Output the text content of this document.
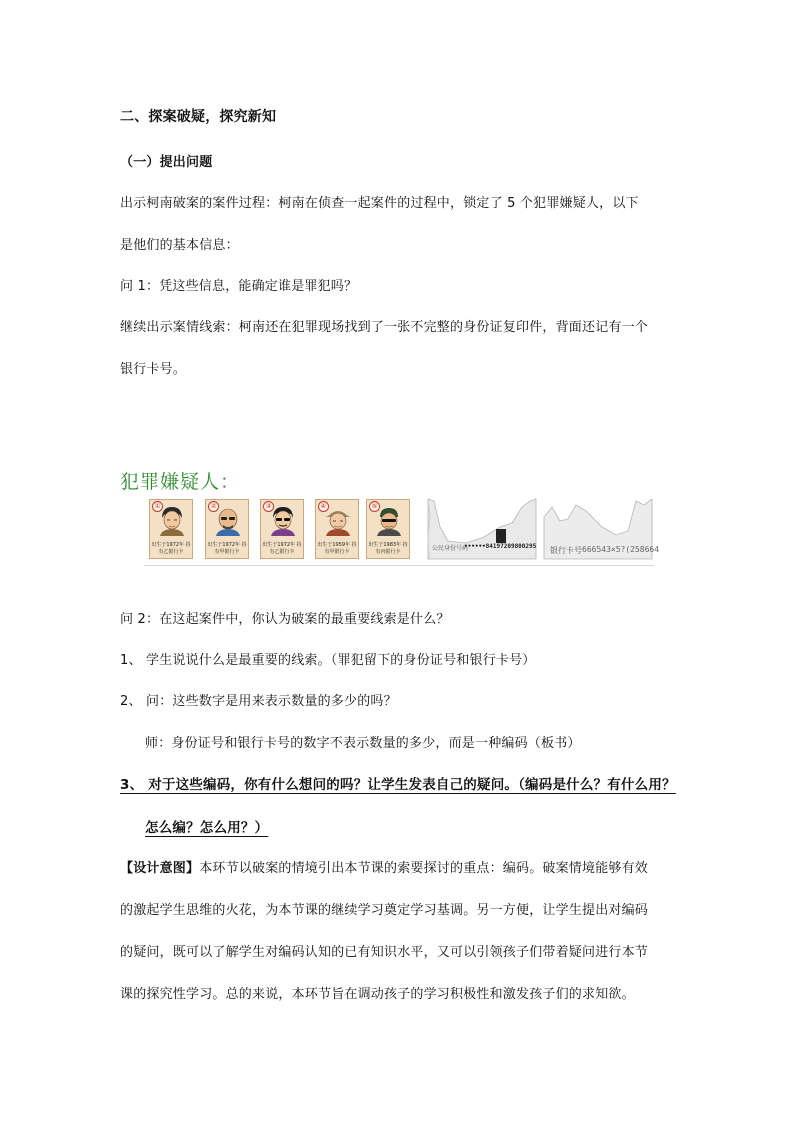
二、探案破疑，探究新知
（一）提出问题
出示柯南破案的案件过程：柯南在侦查一起案件的过程中，锁定了 5 个犯罪嫌疑人，以下
是他们的基本信息：
问 1：凭这些信息，能确定谁是罪犯吗？
继续出示案情线索：柯南还在犯罪现场找到了一张不完整的身份证复印件，背面还记有一个
银行卡号。
犯罪嫌疑人：
①
出生于1972年 持有乙银行卡
②
出生于1972年 持有甲银行卡
③
出生于1972年 持有乙银行卡
④
出生于1959年 持有甲银行卡
⑤
出生于1983年 持有丙银行卡	公民身份号码
••••••84197209800295 银行卡号 666543×5?(258664
问 2：在这起案件中，你认为破案的最重要线索是什么？
1、 学生说说什么是最重要的线索。（罪犯留下的身份证号和银行卡号）
2、 问：这些数字是用来表示数量的多少的吗？
师：身份证号和银行卡号的数字不表示数量的多少，而是一种编码（板书）
3、 对于这些编码，你有什么想问的吗？让学生发表自己的疑问。（编码是什么？有什么用？
怎么编？怎么用？）
【设计意图】本环节以破案的情境引出本节课的索要探讨的重点：编码。破案情境能够有效
的激起学生思维的火花，为本节课的继续学习奠定学习基调。另一方便，让学生提出对编码
的疑问，既可以了解学生对编码认知的已有知识水平，又可以引领孩子们带着疑问进行本节
课的探究性学习。总的来说，本环节旨在调动孩子的学习积极性和激发孩子们的求知欲。
